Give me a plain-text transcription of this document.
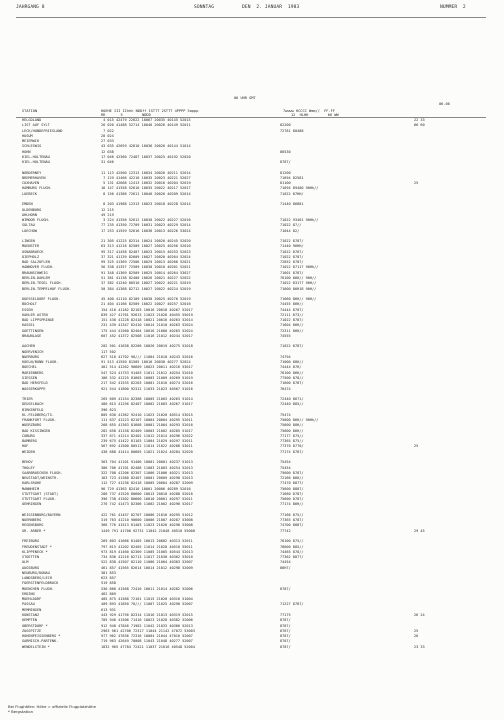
JAHRGANG 8	SONNTAG	DEN  2. JANUAR  1983	NUMMER  2
06 UHR GMT
06-06
STATION	HOEHE III IIhhh NDDff ISTTT 2STTT 4PPPP 5appp
RR       5         NDDD
7wwww HCCCC Wmm//  FF-FF
12  HLHH         66 WW
HELGOLAND	4 015 42479 22622 10067 20035 40145 52015	22 33
LIST AUF SYLT	26 020 41488 52714 10046 20026 40149 52011	82200	66 60
LECK/HUNDEFRIESLAND	7 022	72781 80488
HUSUM	28 024
MEIERWIK	27 033
SCHLESWIG	43 035 42659 42810 10036 20026 40144 51014
HOHN	12 038	86530
KIEL-HOLTENAU	17 046 42360 72487 10037 20025 40192 52020
KIEL-HOLTENAU	31 046	8787/
NORDERNEY	11 113 42560 12313 10034 20026 40211 52014	81200
BREMERHAVEN	7 129 41466 42216 10035 20023 40221 52027	71694 82581
CUXHAVEN	5 131 42668 12413 10032 20016 40204 52019	81100	25
HAMBURG FLUGH.	16 147 41358 52610 10035 20022 40217 52017	71694 89400 90Hh//
LUEBECK	8 156 41386 72611 10046 20026 40209 52014	71022 87HH/
EMDEN	8 203 41988 12313 10023 20018 40228 52014	71440 86881
OLDENBURG	12 215
AHLHORN	49 219
WIMOOR FLUGH.	3 224 41356 52612 10030 20022 40227 52016	71022 93401 90Hh//
SOLTAU	77 235 41350 72709 10031 20023 40229 52014	71022 87//
LUECHOW	17 253 41559 52616 10036 20013 40226 53024	71044 82/
LINGEN	21 305 41225 82314 10024 20020 40245 52020	71022 8787/
MUENSTER	63 313 41218 82509 10027 20025 40250 52010	71440 96HH/
OSNABRUECK	95 317 41458 82407 10023 20015 40253 52023	71022 8787/
DIEPHOLZ	37 321 41139 82609 10027 20020 40264 52024	71022 8787/
BAD SALZUFLEN	99 325 41369 72506 10029 20013 40266 52021	72852 8787/
HANNOVER FLUGH.	56 338 41357 72509 10030 20010 40261 52021	71022 87117 90Hh//
BRAUNSCHWEIG	91 348 41369 82509 10025 20014 40264 53027	71601 8787/
BERLIN-DAHLEM	51 381 41138 82400 10026 20021 40227 52022	76100 86H// 90H//
BERLIN-TEGEL FLUGH.	37 382 41240 80510 10027 20022 40221 52019	71022 83177 90H//
BERLIN-TEMPELHOF FLUGH.	50 384 41368 82712 10027 20022 40224 52019	71600 86H18 90H//
DUESSELDORF FLUGH.	45 400 41110 82109 10030 20025 40270 52019	71660 86H// 90H//
BOCHOLT	21 404 41166 82509 10022 20027 40257 52016	74455 86H//
ESSEN	154 410 41182 82103 10016 20018 40267 52017	74444 8787/
KAHLER ASTEN	839 427 41761 92613 11023 21026 40455 55019	72111 873//
BAD LIPPSPRINGE	151 430 41228 82418 10021 20016 40263 52014	71022 8787/
KASSEL	231 439 41347 82410 10014 21010 40263 52024	71604 86H//
GOETTINGEN	175 444 41560 82404 10016 21000 40263 52024	72311 86H//
BRAUNLAGE	607 452 41372 82508 11016 21012 40244 52017	74555
AACHEN	202 501 41638 82206 10026 20019 40275 52018	71022 8787/
NOERVENICH	117 502
NUERBURG	627 510 41702 90/// 11004 21010 40243 52016	74794
KOELN/BONN FLUGH.	91 513 41550 81505 10016 20030 40277 52024	71000 88H//
BUECHEL	481 514 41262 90609 10023 20011 40216 53017	74444 87H/
MARIENBERG	547 524 41753 91403 11011 21012 40254 52010	76100 86H//
GIESSEN	186 532 41225 81605 10003 21009 40269 51019	77500 878//
BAD HERSFELD	217 542 41535 82203 10001 21010 40274 52016	71600 8787/
WASSERKUPPE	921 544 41800 92312 11033 21023 40507 51016	76474
TRIER	265 609 41154 82308 10005 21003 40263 51014	72440 8671/
DEUSELBACH	480 615 41256 82407 10002 21003 40267 51017	72440 885//
BIRKENFELD	396 623
KL-FELDBERG/TS.	805 630 41362 92410 11023 21020 40514 53015	75474
FRANKFURT FLUGH.	111 637 41223 82107 10004 20004 40295 52011	75600 86H// 90Hh//
WUERZBURG	268 655 41363 81608 10001 21004 40293 52016	75600 88H//
BAD KISSINGEN	282 658 41158 82409 10003 21002 40285 51017	75600 86H//
COBURG	337 671 41214 82402 11012 21014 40296 52022	77177 875//
BAMBERG	239 675 41422 81103 11004 21029 40297 52011	77365 875//
HOF	567 692 41500 80512 11014 21022 40286 53011	77370 8770/	25
WEIDEN	438 688 41414 80605 11021 21024 40284 52020	77174 8787/
BEHOV	363 704 41101 91406 10001 20001 40237 51013	75454
THOLEY	386 706 41701 82408 11003 21003 40254 52013	75454
SAARBRUECKEN FLUGH.	322 708 41206 82307 11006 21006 40321 52013	75600 8787/
NEUSTADT/WEINSTR.	163 723 41380 82407 10001 20009 40298 52013	72166 86H//
KARLSRUHE	112 727 41236 82418 10005 20004 40287 52009	77470 8877/
MANNHEIM	96 729 41363 82410 10001 20006 40289 52016	75600 8887/
STUTTGART (STADT)	286 737 41520 80600 10013 20010 40288 52016	71660 8787/
STUTTGART FLUGH.	396 738 41502 80600 10010 20001 40297 52011	75600 8787/
OEHRINGEN	276 742 41473 82306 11002 21002 40290 52017	77174 86H//
WEISSENBURG/BAYERN	422 761 41457 82707 10006 21016 40295 51012	77166 875//
NUERNBERG	319 763 41210 90600 10006 21007 40287 53008	77365 8787/
REGENSBURG	366 776 41513 81403 11023 21026 40298 53008	74700 8887/
GR. ARBER *	1449 791 41700 92731 11042 21048 40510 55000	77742	29 45
FREIBURG	269 803 41666 81405 10013 20002 40313 52011	76100 875//
FREUDENSTADT *	797 815 41202 82405 11014 21020 40510 55011	76600 885//
KLIPPENECK *	973 819 41460 82309 11005 21005 40544 52013	74465 878//
STOETTEN	734 836 41216 82713 11017 21030 40302 53010	77362 8877/
ULM	522 838 41507 82110 11006 21004 40303 52007	74454
AUGSBURG	461 857 41565 82614 10014 21012 40298 52009	86H7/
NEUBURG/DONAU	381 853
LANDSBERG/LECH	623 857
FUERSTENFELDBRUCK	519 858
MUENCHEN FLUGH.	530 866 41568 72416 10011 21014 40282 52006	8787/
ERDING	462 869
MUEHLDORF	405 875 41568 72101 11015 21020 40316 51004
PASSAU	409 893 41850 70/// 11007 21025 40290 52007	71227 8787/
MEMMINGEN	613 931
KONSTANZ	443 929 41756 82314 11016 21013 40319 52015	77175	26 24
KEMPTEN	705 946 41506 71416 10023 21028 40382 52006	8787/
OBERSTDORF *	912 948 47846 71902 11042 21033 40366 52013	8787/
ZUGSPITZE	2963 961 42706 72317 11044 21142 47072 53003	8767/	25
HOHENPEISSENBERG *	977 962 47636 72316 10004 21044 47010 52007	8787/	26
GARMISCH-PARTENK.	719 963 42649 70008 11043 21048 40277 52007	8707/
WENDELSTEIN *	1832 965 47784 72421 11037 21016 40548 52004	8787/	23 33
Bei Flughäfen: Höhe = offizielle Flugplatzhöhe
* Bergstation
